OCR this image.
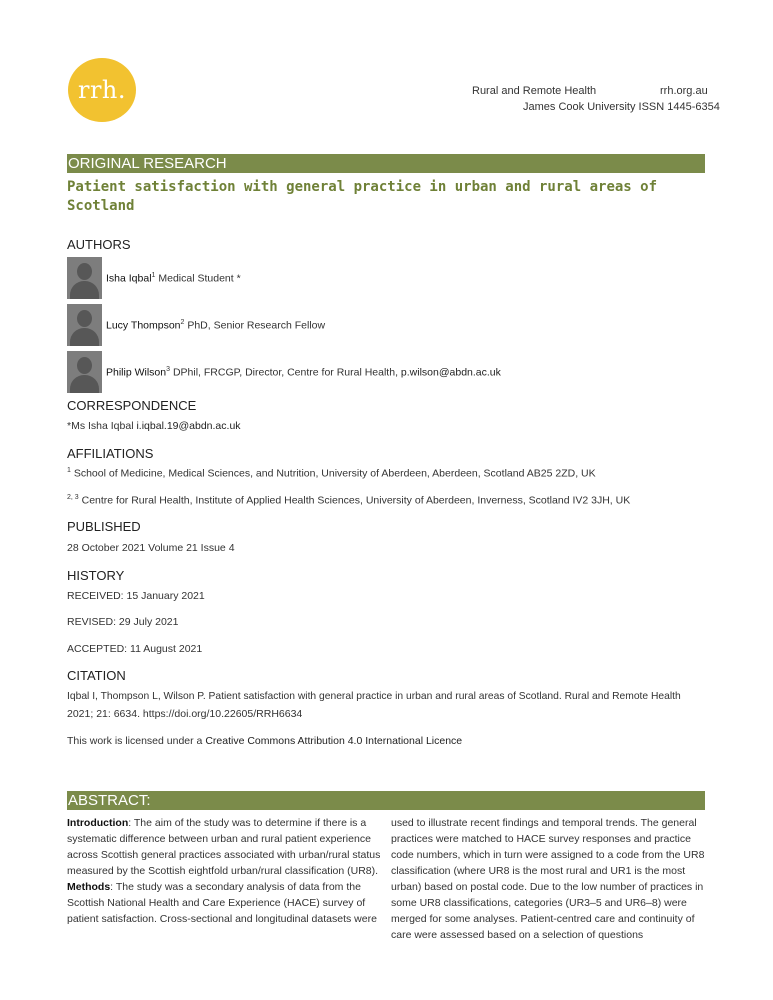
rrh.	Rural and Remote Health	rrh.org.au
James Cook University ISSN 1445-6354
ORIGINAL RESEARCH
Patient satisfaction with general practice in urban and rural areas of Scotland
AUTHORS
Isha Iqbal$^1$ Medical Student *
Lucy Thompson$^2$ PhD, Senior Research Fellow
Philip Wilson$^3$ DPhil, FRCGP, Director, Centre for Rural Health, p.wilson@abdn.ac.uk
CORRESPONDENCE
*Ms Isha Iqbal i.iqbal.19@abdn.ac.uk
AFFILIATIONS
$^1$ School of Medicine, Medical Sciences, and Nutrition, University of Aberdeen, Aberdeen, Scotland AB25 2ZD, UK
$^{2, 3}$ Centre for Rural Health, Institute of Applied Health Sciences, University of Aberdeen, Inverness, Scotland IV2 3JH, UK
PUBLISHED
28 October 2021 Volume 21 Issue 4
HISTORY
RECEIVED: 15 January 2021
REVISED: 29 July 2021
ACCEPTED: 11 August 2021
CITATION
Iqbal I, Thompson L, Wilson P. Patient satisfaction with general practice in urban and rural areas of Scotland. Rural and Remote Health
2021; 21: 6634. https://doi.org/10.22605/RRH6634
This work is licensed under a Creative Commons Attribution 4.0 International Licence
ABSTRACT:
Introduction: The aim of the study was to determine if there is a systematic difference between urban and rural patient experience across Scottish general practices associated with urban/rural status measured by the Scottish eightfold urban/rural classification (UR8).
Methods: The study was a secondary analysis of data from the Scottish National Health and Care Experience (HACE) survey of patient satisfaction. Cross-sectional and longitudinal datasets were
used to illustrate recent findings and temporal trends. The general practices were matched to HACE survey responses and practice code numbers, which in turn were assigned to a code from the UR8 classification (where UR8 is the most rural and UR1 is the most urban) based on postal code. Due to the low number of practices in some UR8 classifications, categories (UR3–5 and UR6–8) were merged for some analyses. Patient-centred care and continuity of care were assessed based on a selection of questions
